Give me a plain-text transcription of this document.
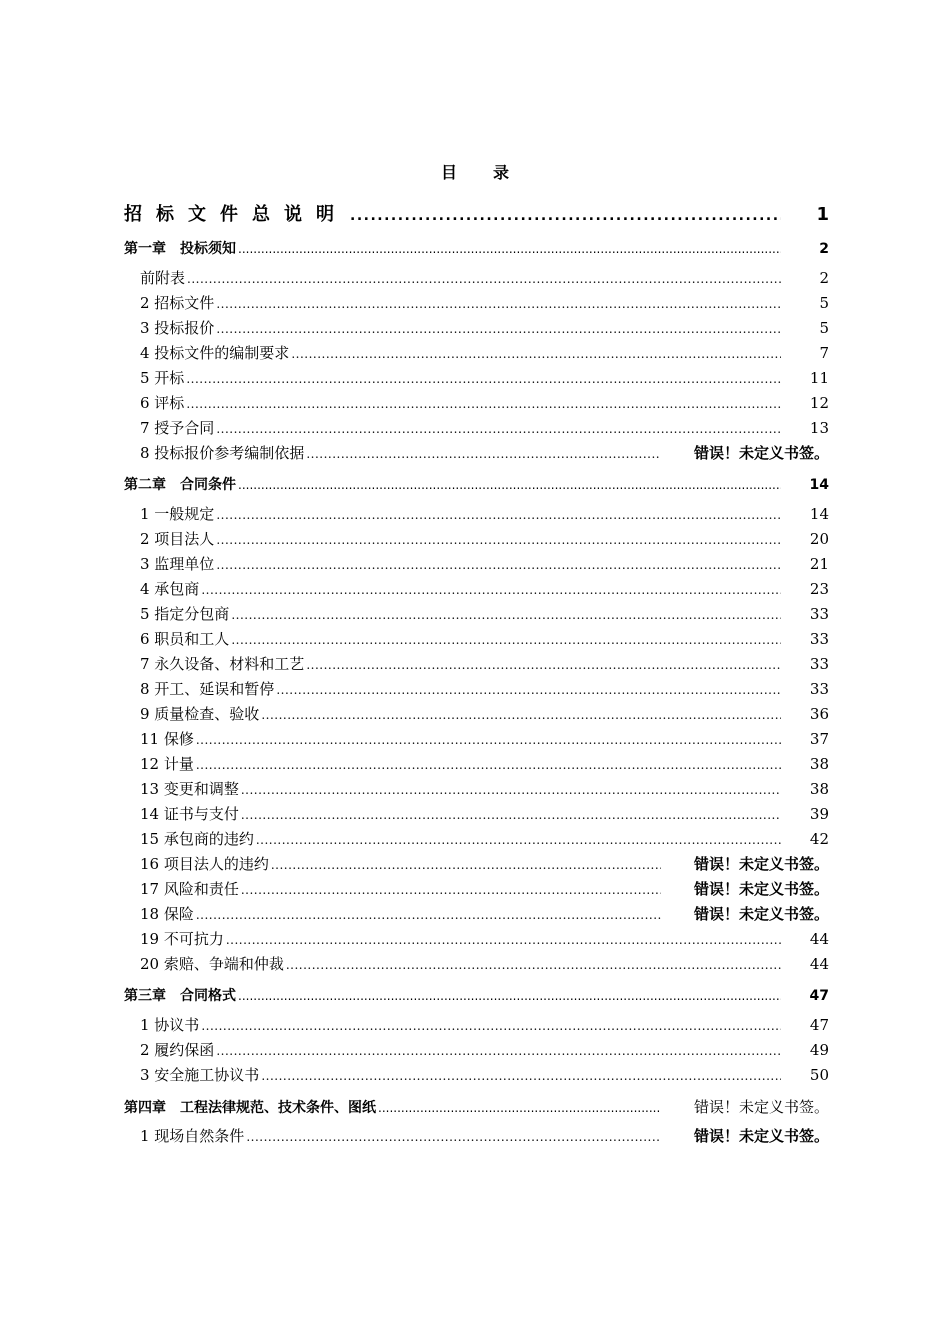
目 录
招标文件总说明 .....	1
第一章　投标须知 .....	2
前附表 .....	2
2 招标文件 .....	5
3 投标报价 .....	5
4 投标文件的编制要求 .....	7
5 开标 .....	11
6 评标 .....	12
7 授予合同 .....	13
8 投标报价参考编制依据 .....	错误！未定义书签。
第二章　合同条件 .....	14
1 一般规定 .....	14
2 项目法人 .....	20
3 监理单位 .....	21
4 承包商 .....	23
5 指定分包商 .....	33
6 职员和工人 .....	33
7 永久设备、材料和工艺 .....	33
8 开工、延误和暂停 .....	33
9 质量检查、验收 .....	36
11 保修 .....	37
12 计量 .....	38
13 变更和调整 .....	38
14 证书与支付 .....	39
15 承包商的违约 .....	42
16 项目法人的违约 .....	错误！未定义书签。
17 风险和责任 .....	错误！未定义书签。
18 保险 .....	错误！未定义书签。
19 不可抗力 .....	44
20 索赔、争端和仲裁 .....	44
第三章　合同格式 .....	47
1 协议书 .....	47
2 履约保函 .....	49
3 安全施工协议书 .....	50
第四章　工程法律规范、技术条件、图纸 .....	错误！未定义书签。
1 现场自然条件 .....	错误！未定义书签。
